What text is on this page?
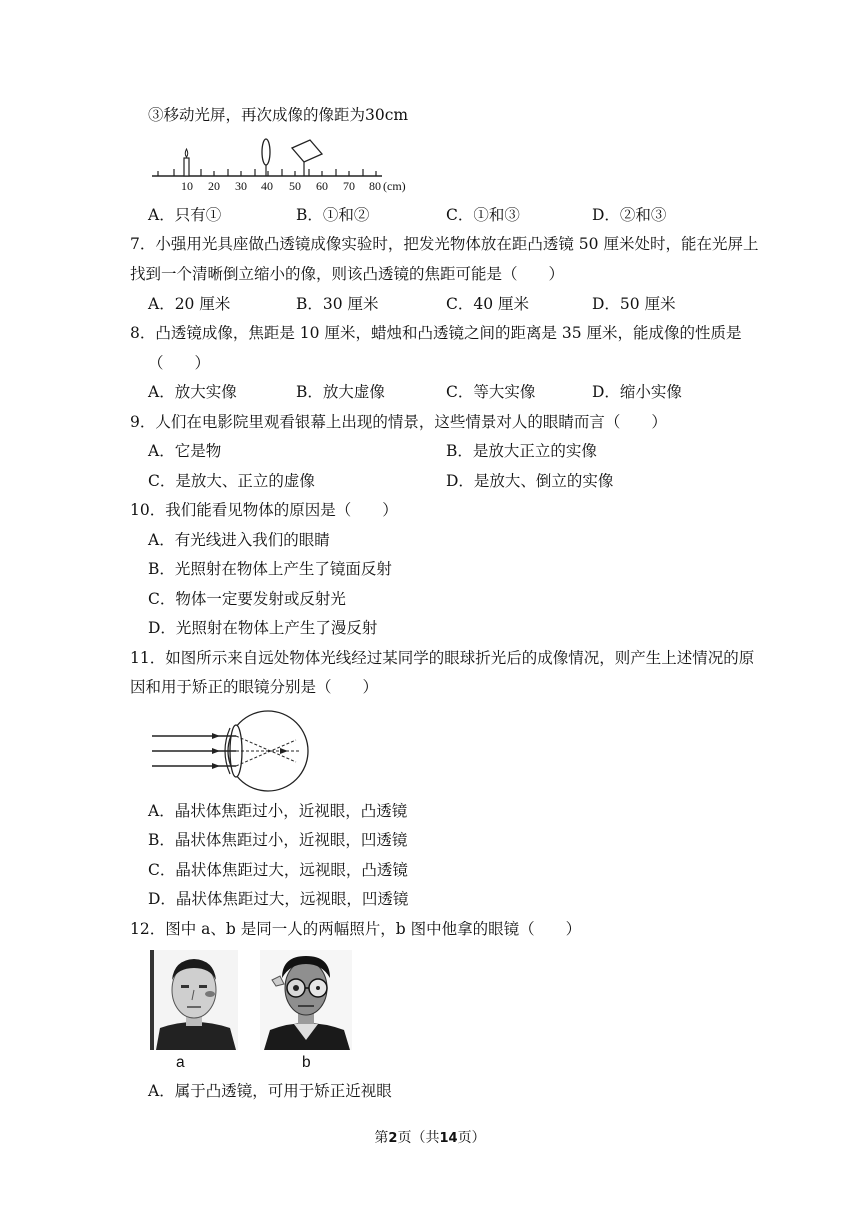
③移动光屏，再次成像的像距为30cm
10 20 30 40 50 60 70 80 (cm)
A．只有①	B．①和②	C．①和③	D．②和③
7．小强用光具座做凸透镜成像实验时，把发光物体放在距凸透镜 50 厘米处时，能在光屏上
找到一个清晰倒立缩小的像，则该凸透镜的焦距可能是（　　）
A．20 厘米	B．30 厘米	C．40 厘米	D．50 厘米
8．凸透镜成像，焦距是 10 厘米，蜡烛和凸透镜之间的距离是 35 厘米，能成像的性质是
（　　）
A．放大实像	B．放大虚像	C．等大实像	D．缩小实像
9．人们在电影院里观看银幕上出现的情景，这些情景对人的眼睛而言（　　）
A．它是物	B．是放大正立的实像
C．是放大、正立的虚像	D．是放大、倒立的实像
10．我们能看见物体的原因是（　　）
A．有光线进入我们的眼睛
B．光照射在物体上产生了镜面反射
C．物体一定要发射或反射光
D．光照射在物体上产生了漫反射
11．如图所示来自远处物体光线经过某同学的眼球折光后的成像情况，则产生上述情况的原
因和用于矫正的眼镜分别是（　　）
A．晶状体焦距过小，近视眼，凸透镜
B．晶状体焦距过小，近视眼，凹透镜
C．晶状体焦距过大，远视眼，凸透镜
D．晶状体焦距过大，远视眼，凹透镜
12．图中 a、b 是同一人的两幅照片，b 图中他拿的眼镜（　　）
a	b
A．属于凸透镜，可用于矫正近视眼
第2页（共14页）
